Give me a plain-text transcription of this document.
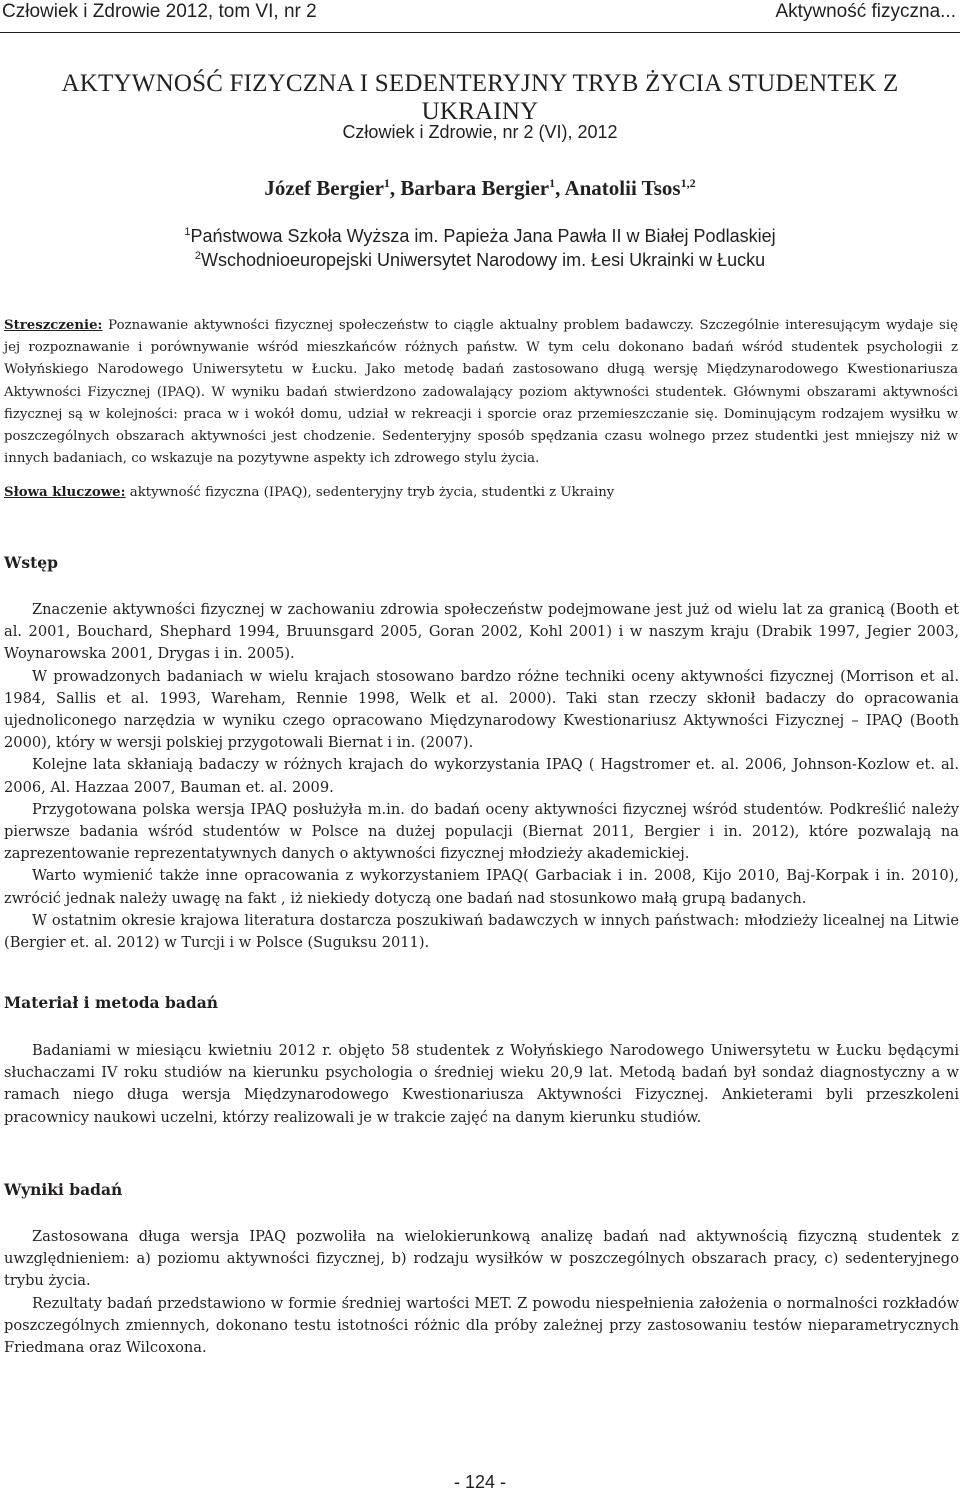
Człowiek i Zdrowie 2012, tom VI, nr 2	Aktywność fizyczna...
AKTYWNOŚĆ FIZYCZNA I SEDENTERYJNY TRYB ŻYCIA STUDENTEK Z UKRAINY
Człowiek i Zdrowie, nr 2 (VI), 2012
Józef Bergier$^1$, Barbara Bergier$^1$, Anatolii Tsos$^{1,2}$
$^1$Państwowa Szkoła Wyższa im. Papieża Jana Pawła II w Białej Podlaskiej
$^2$Wschodnioeuropejski Uniwersytet Narodowy im. Łesi Ukrainki w Łucku

Streszczenie: Poznawanie aktywności fizycznej społeczeństw to ciągle aktualny problem badawczy. Szczególnie interesującym wydaje się jej rozpoznawanie i porównywanie wśród mieszkańców różnych państw. W tym celu dokonano badań wśród studentek psychologii z Wołyńskiego Narodowego Uniwersytetu w Łucku. Jako metodę badań zastosowano długą wersję Międzynarodowego Kwestionariusza Aktywności Fizycznej (IPAQ). W wyniku badań stwierdzono zadowalający poziom aktywności studentek. Głównymi obszarami aktywności fizycznej są w kolejności: praca w i wokół domu, udział w rekreacji i sporcie oraz przemieszczanie się. Dominującym rodzajem wysiłku w poszczególnych obszarach aktywności jest chodzenie. Sedenteryjny sposób spędzania czasu wolnego przez studentki jest mniejszy niż w innych badaniach, co wskazuje na pozytywne aspekty ich zdrowego stylu życia.

Słowa kluczowe: aktywność fizyczna (IPAQ), sedenteryjny tryb życia, studentki z Ukrainy

Wstęp

Znaczenie aktywności fizycznej w zachowaniu zdrowia społeczeństw podejmowane jest już od wielu lat za granicą (Booth et al. 2001, Bouchard, Shephard 1994, Bruunsgard 2005, Goran 2002, Kohl 2001) i w naszym kraju (Drabik 1997, Jegier 2003, Woynarowska 2001, Drygas i in. 2005).

W prowadzonych badaniach w wielu krajach stosowano bardzo różne techniki oceny aktywności fizycznej (Morrison et al. 1984, Sallis et al. 1993, Wareham, Rennie 1998, Welk et al. 2000). Taki stan rzeczy skłonił badaczy do opracowania ujednoliconego narzędzia w wyniku czego opracowano Międzynarodowy Kwestionariusz Aktywności Fizycznej – IPAQ (Booth 2000), który w wersji polskiej przygotowali Biernat i in. (2007).

Kolejne lata skłaniają badaczy w różnych krajach do wykorzystania IPAQ ( Hagstromer et. al. 2006, Johnson-Kozlow et. al. 2006, Al. Hazzaa 2007, Bauman et. al. 2009.

Przygotowana polska wersja IPAQ posłużyła m.in. do badań oceny aktywności fizycznej wśród studentów. Podkreślić należy pierwsze badania wśród studentów w Polsce na dużej populacji (Biernat 2011, Bergier i in. 2012), które pozwalają na zaprezentowanie reprezentatywnych danych o aktywności fizycznej młodzieży akademickiej.

Warto wymienić także inne opracowania z wykorzystaniem IPAQ( Garbaciak i in. 2008, Kijo 2010, Baj-Korpak i in. 2010), zwrócić jednak należy uwagę na fakt , iż niekiedy dotyczą one badań nad stosunkowo małą grupą badanych.

W ostatnim okresie krajowa literatura dostarcza poszukiwań badawczych w innych państwach: młodzieży licealnej na Litwie (Bergier et. al. 2012) w Turcji i w Polsce (Suguksu 2011).

Materiał i metoda badań

Badaniami w miesiącu kwietniu 2012 r. objęto 58 studentek z Wołyńskiego Narodowego Uniwersytetu w Łucku będącymi słuchaczami IV roku studiów na kierunku psychologia o średniej wieku 20,9 lat. Metodą badań był sondaż diagnostyczny a w ramach niego długa wersja Międzynarodowego Kwestionariusza Aktywności Fizycznej. Ankieterami byli przeszkoleni pracownicy naukowi uczelni, którzy realizowali je w trakcie zajęć na danym kierunku studiów.

Wyniki badań

Zastosowana długa wersja IPAQ pozwoliła na wielokierunkową analizę badań nad aktywnością fizyczną studentek z uwzględnieniem: a) poziomu aktywności fizycznej, b) rodzaju wysiłków w poszczególnych obszarach pracy, c) sedenteryjnego trybu życia.

Rezultaty badań przedstawiono w formie średniej wartości MET. Z powodu niespełnienia założenia o normalności rozkładów poszczególnych zmiennych, dokonano testu istotności różnic dla próby zależnej przy zastosowaniu testów nieparametrycznych Friedmana oraz Wilcoxona.

- 124 -
